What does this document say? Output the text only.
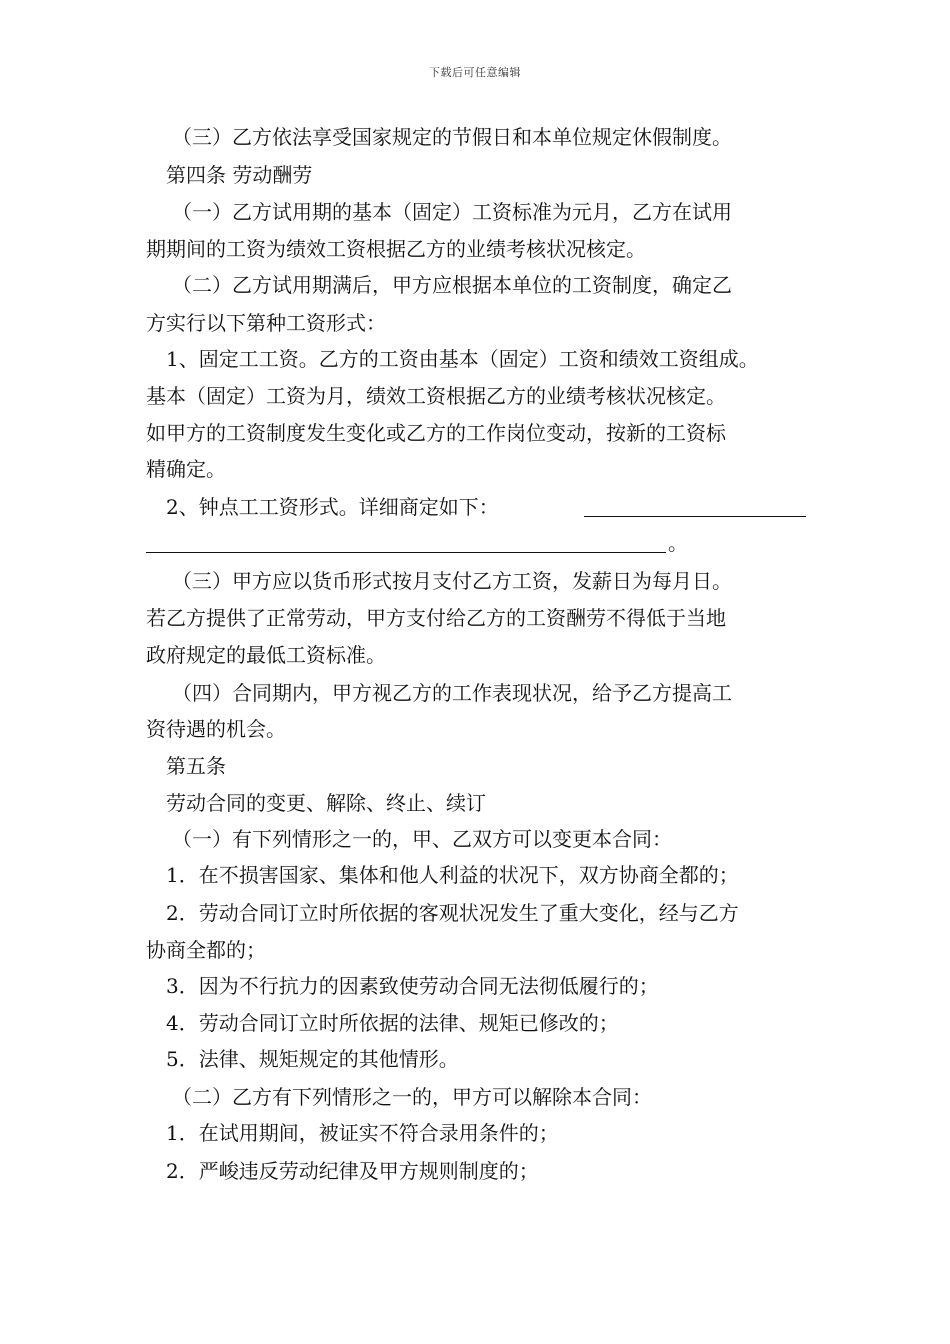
下载后可任意编辑
（三）乙方依法享受国家规定的节假日和本单位规定休假制度。
第四条 劳动酬劳
（一）乙方试用期的基本（固定）工资标准为元月，乙方在试用
期期间的工资为绩效工资根据乙方的业绩考核状况核定。
（二）乙方试用期满后，甲方应根据本单位的工资制度，确定乙
方实行以下第种工资形式：
1、固定工工资。乙方的工资由基本（固定）工资和绩效工资组成。
基本（固定）工资为月，绩效工资根据乙方的业绩考核状况核定。
如甲方的工资制度发生变化或乙方的工作岗位变动，按新的工资标
精确定。
2、钟点工工资形式。详细商定如下：
。
（三）甲方应以货币形式按月支付乙方工资，发薪日为每月日。
若乙方提供了正常劳动，甲方支付给乙方的工资酬劳不得低于当地
政府规定的最低工资标准。
（四）合同期内，甲方视乙方的工作表现状况，给予乙方提高工
资待遇的机会。
第五条
劳动合同的变更、解除、终止、续订
（一）有下列情形之一的，甲、乙双方可以变更本合同：
1．在不损害国家、集体和他人利益的状况下，双方协商全都的；
2．劳动合同订立时所依据的客观状况发生了重大变化，经与乙方
协商全都的；
3．因为不行抗力的因素致使劳动合同无法彻低履行的；
4．劳动合同订立时所依据的法律、规矩已修改的；
5．法律、规矩规定的其他情形。
（二）乙方有下列情形之一的，甲方可以解除本合同：
1．在试用期间，被证实不符合录用条件的；
2．严峻违反劳动纪律及甲方规则制度的；
